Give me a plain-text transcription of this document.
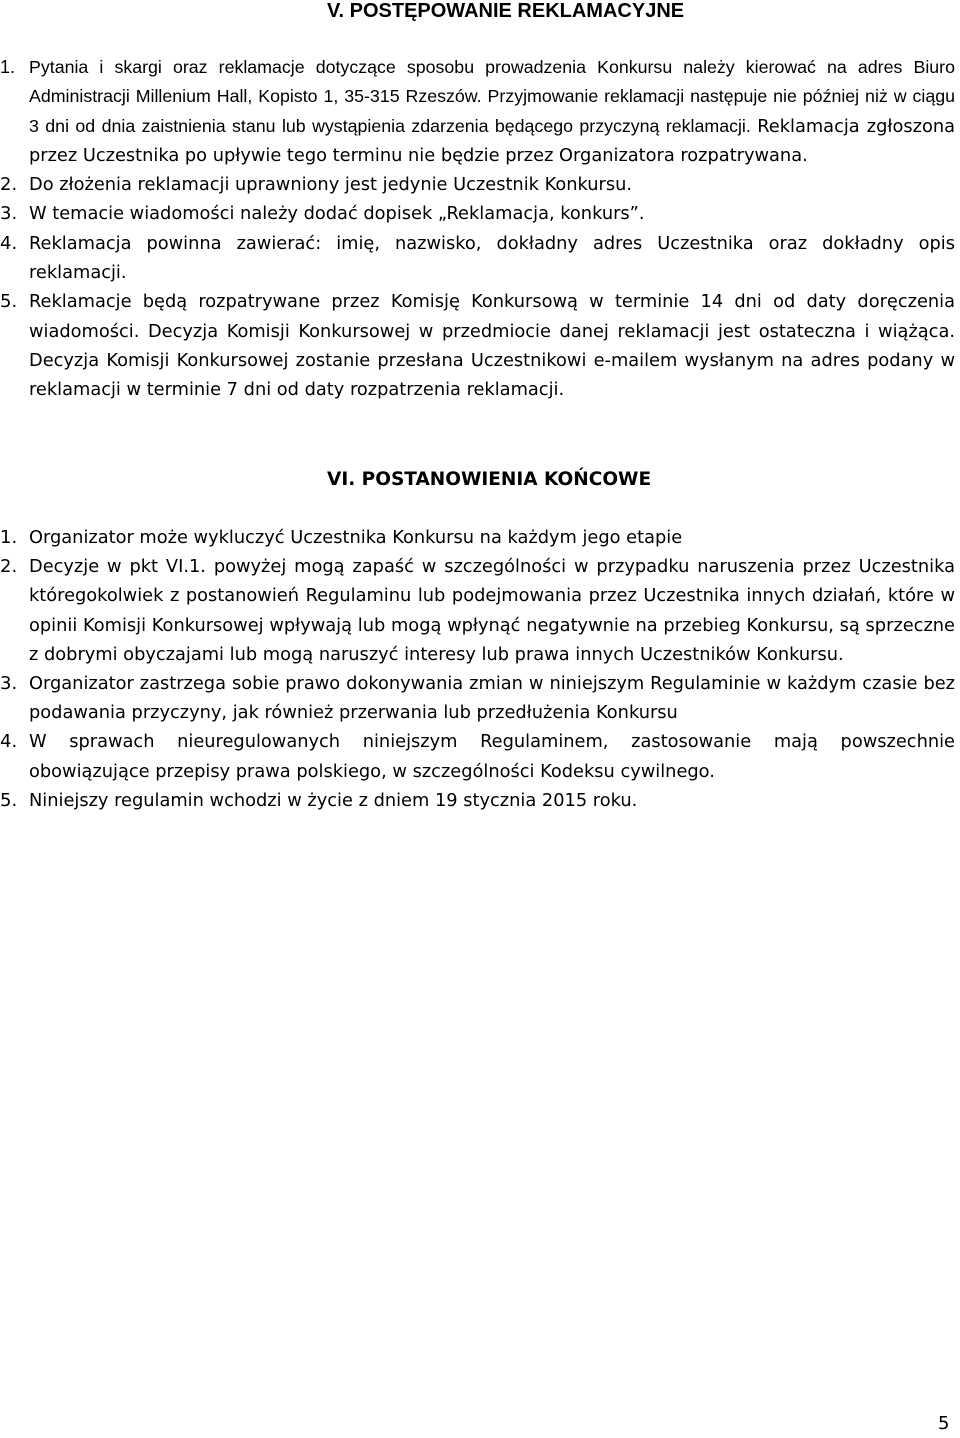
V. POSTĘPOWANIE REKLAMACYJNE
1. Pytania i skargi oraz reklamacje dotyczące sposobu prowadzenia Konkursu należy kierować na adres Biuro Administracji Millenium Hall, Kopisto 1, 35-315 Rzeszów. Przyjmowanie reklamacji następuje nie później niż w ciągu 3 dni od dnia zaistnienia stanu lub wystąpienia zdarzenia będącego przyczyną reklamacji. Reklamacja zgłoszona przez Uczestnika po upływie tego terminu nie będzie przez Organizatora rozpatrywana.
2. Do złożenia reklamacji uprawniony jest jedynie Uczestnik Konkursu.
3. W temacie wiadomości należy dodać dopisek „Reklamacja, konkurs”.
4. Reklamacja powinna zawierać: imię, nazwisko, dokładny adres Uczestnika oraz dokładny opis reklamacji.
5. Reklamacje będą rozpatrywane przez Komisję Konkursową w terminie 14 dni od daty doręczenia wiadomości. Decyzja Komisji Konkursowej w przedmiocie danej reklamacji jest ostateczna i wiążąca. Decyzja Komisji Konkursowej zostanie przesłana Uczestnikowi e-mailem wysłanym na adres podany w reklamacji w terminie 7 dni od daty rozpatrzenia reklamacji.
VI. POSTANOWIENIA KOŃCOWE
1. Organizator może wykluczyć Uczestnika Konkursu na każdym jego etapie
2. Decyzje w pkt VI.1. powyżej mogą zapaść w szczególności w przypadku naruszenia przez Uczestnika któregokolwiek z postanowień Regulaminu lub podejmowania przez Uczestnika innych działań, które w opinii Komisji Konkursowej wpływają lub mogą wpłynąć negatywnie na przebieg Konkursu, są sprzeczne z dobrymi obyczajami lub mogą naruszyć interesy lub prawa innych Uczestników Konkursu.
3. Organizator zastrzega sobie prawo dokonywania zmian w niniejszym Regulaminie w każdym czasie bez podawania przyczyny, jak również przerwania lub przedłużenia Konkursu
4. W sprawach nieuregulowanych niniejszym Regulaminem, zastosowanie mają powszechnie obowiązujące przepisy prawa polskiego, w szczególności Kodeksu cywilnego.
5. Niniejszy regulamin wchodzi w życie z dniem 19 stycznia 2015 roku.
5
